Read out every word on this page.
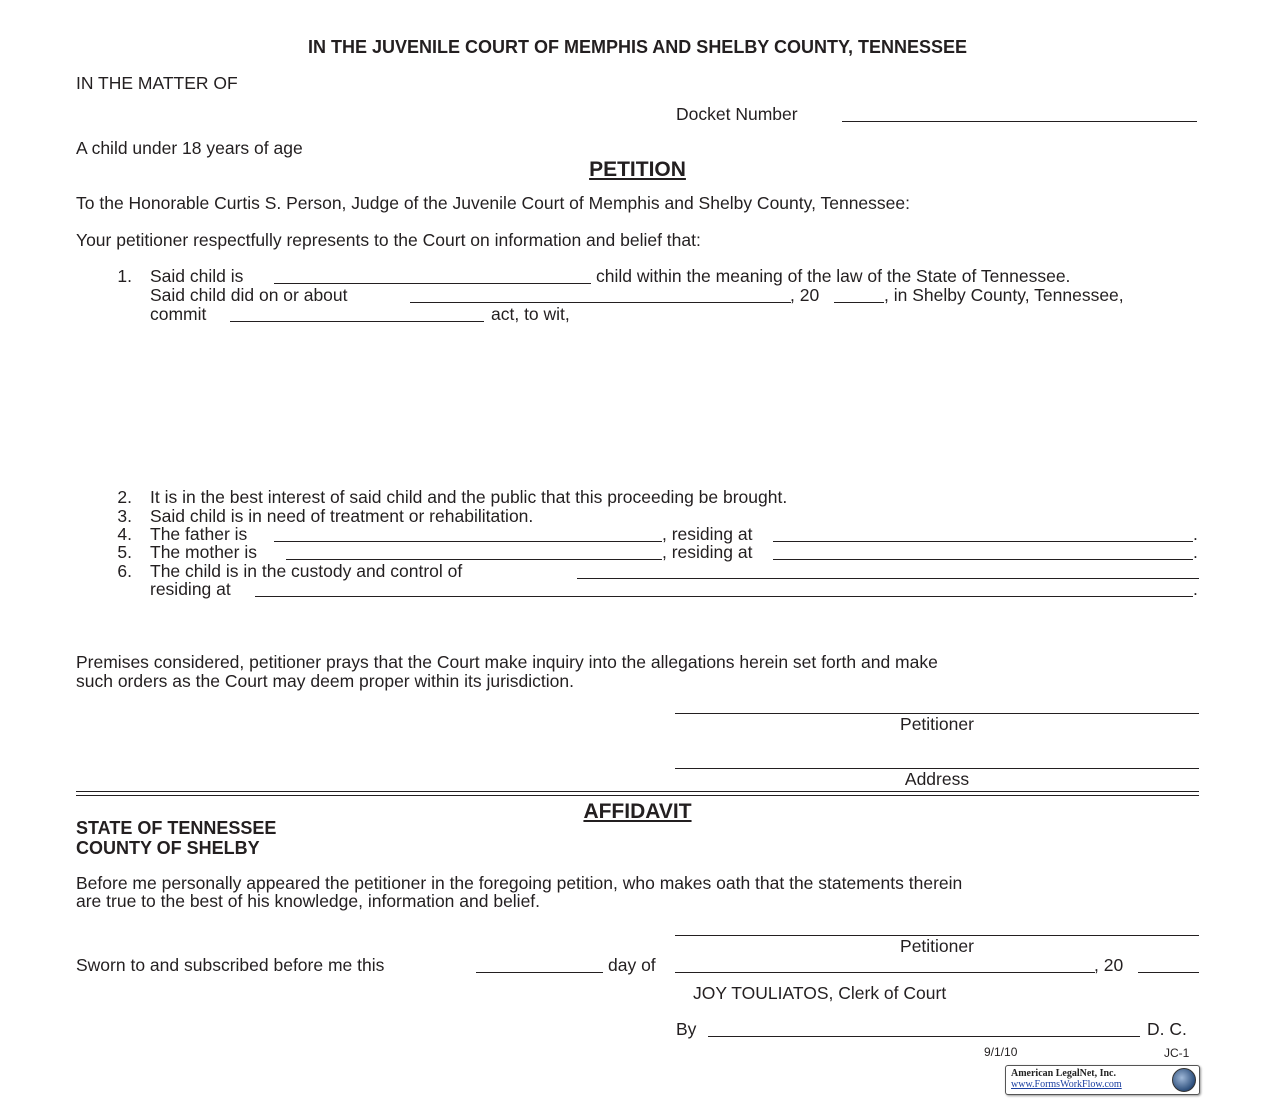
IN THE JUVENILE COURT OF MEMPHIS AND SHELBY COUNTY, TENNESSEE
IN THE MATTER OF
Docket Number
A child under 18 years of age
PETITION
To the Honorable Curtis S. Person, Judge of the Juvenile Court of Memphis and Shelby County, Tennessee:
Your petitioner respectfully represents to the Court on information and belief that:
1. Said child is	child within the meaning of the law of the State of Tennessee.
Said child did on or about	, 20	, in Shelby County, Tennessee,
commit	act, to wit,
2. It is in the best interest of said child and the public that this proceeding be brought.
3. Said child is in need of treatment or rehabilitation.
4. The father is	, residing at	.
5. The mother is	, residing at	.
6. The child is in the custody and control of
residing at	.
Premises considered, petitioner prays that the Court make inquiry into the allegations herein set forth and make
such orders as the Court may deem proper within its jurisdiction.
Petitioner
Address
AFFIDAVIT
STATE OF TENNESSEE
COUNTY OF SHELBY
Before me personally appeared the petitioner in the foregoing petition, who makes oath that the statements therein
are true to the best of his knowledge, information and belief.
Petitioner
Sworn to and subscribed before me this	day of	, 20
JOY TOULIATOS, Clerk of Court
By	D. C.
9/1/10	JC-1
American LegalNet, Inc.
www.FormsWorkFlow.com
